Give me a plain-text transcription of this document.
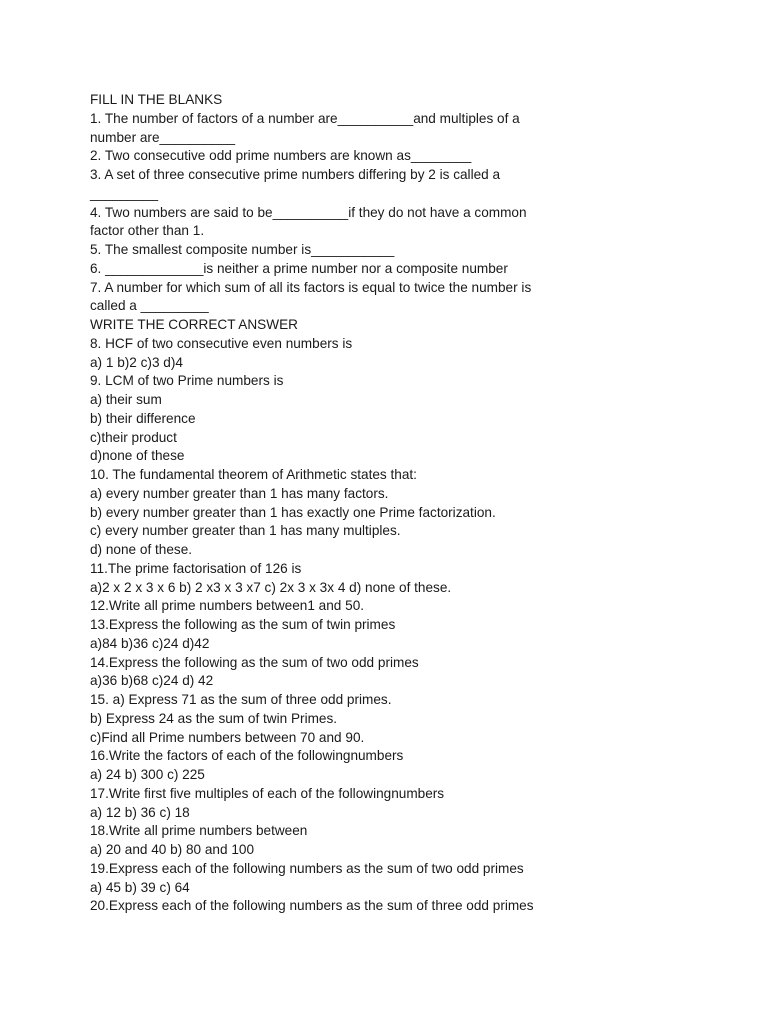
FILL IN THE BLANKS

1. The number of factors of a number are__________and multiples of a

number are__________

2. Two consecutive odd prime numbers are known as________

3. A set of three consecutive prime numbers differing by 2 is called a

_________

4. Two numbers are said to be__________if they do not have a common

factor other than 1.

5. The smallest composite number is___________

6. _____________is neither a prime number nor a composite number

7. A number for which sum of all its factors is equal to twice the number is

called a _________

WRITE THE CORRECT ANSWER

8. HCF of two consecutive even numbers is

a) 1 b)2 c)3 d)4

9. LCM of two Prime numbers is

a) their sum

b) their difference

c)their product

d)none of these

10. The fundamental theorem of Arithmetic states that:

a) every number greater than 1 has many factors.

b) every number greater than 1 has exactly one Prime factorization.

c) every number greater than 1 has many multiples.

d) none of these.

11.The prime factorisation of 126 is

a)2 x 2 x 3 x 6 b) 2 x3 x 3 x7 c) 2x 3 x 3x 4 d) none of these.

12.Write all prime numbers between1 and 50.

13.Express the following as the sum of twin primes

a)84 b)36 c)24 d)42

14.Express the following as the sum of two odd primes

a)36 b)68 c)24 d) 42

15. a) Express 71 as the sum of three odd primes.

b) Express 24 as the sum of twin Primes.

c)Find all Prime numbers between 70 and 90.

16.Write the factors of each of the followingnumbers

a) 24 b) 300 c) 225

17.Write first five multiples of each of the followingnumbers

a) 12 b) 36 c) 18

18.Write all prime numbers between

a) 20 and 40 b) 80 and 100

19.Express each of the following numbers as the sum of two odd primes

a) 45 b) 39 c) 64

20.Express each of the following numbers as the sum of three odd primes
